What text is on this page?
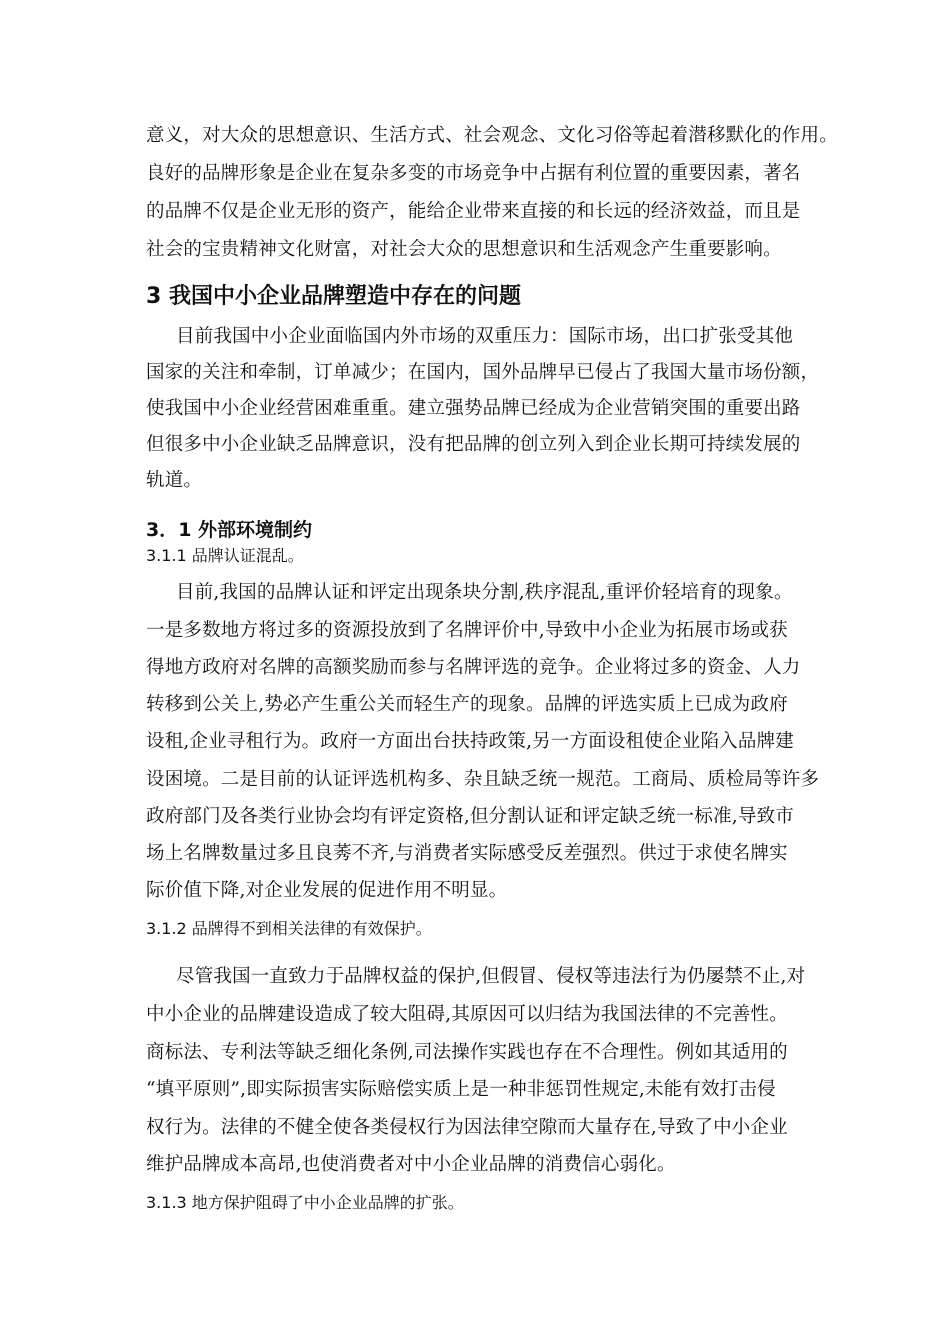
意义，对大众的思想意识、生活方式、社会观念、文化习俗等起着潜移默化的作用。
良好的品牌形象是企业在复杂多变的市场竞争中占据有利位置的重要因素，著名
的品牌不仅是企业无形的资产，能给企业带来直接的和长远的经济效益，而且是
社会的宝贵精神文化财富，对社会大众的思想意识和生活观念产生重要影响。
3 我国中小企业品牌塑造中存在的问题
目前我国中小企业面临国内外市场的双重压力：国际市场，出口扩张受其他
国家的关注和牵制，订单减少；在国内，国外品牌早已侵占了我国大量市场份额，
使我国中小企业经营困难重重。建立强势品牌已经成为企业营销突围的重要出路
但很多中小企业缺乏品牌意识，没有把品牌的创立列入到企业长期可持续发展的
轨道。
3．1 外部环境制约
3.1.1 品牌认证混乱。
目前,我国的品牌认证和评定出现条块分割,秩序混乱,重评价轻培育的现象。
一是多数地方将过多的资源投放到了名牌评价中,导致中小企业为拓展市场或获
得地方政府对名牌的高额奖励而参与名牌评选的竞争。企业将过多的资金、人力
转移到公关上,势必产生重公关而轻生产的现象。品牌的评选实质上已成为政府
设租,企业寻租行为。政府一方面出台扶持政策,另一方面设租使企业陷入品牌建
设困境。二是目前的认证评选机构多、杂且缺乏统一规范。工商局、质检局等许多
政府部门及各类行业协会均有评定资格,但分割认证和评定缺乏统一标准,导致市
场上名牌数量过多且良莠不齐,与消费者实际感受反差强烈。供过于求使名牌实
际价值下降,对企业发展的促进作用不明显。
3.1.2 品牌得不到相关法律的有效保护。
尽管我国一直致力于品牌权益的保护,但假冒、侵权等违法行为仍屡禁不止,对
中小企业的品牌建设造成了较大阻碍,其原因可以归结为我国法律的不完善性。
商标法、专利法等缺乏细化条例,司法操作实践也存在不合理性。例如其适用的
“填平原则”,即实际损害实际赔偿实质上是一种非惩罚性规定,未能有效打击侵
权行为。法律的不健全使各类侵权行为因法律空隙而大量存在,导致了中小企业
维护品牌成本高昂,也使消费者对中小企业品牌的消费信心弱化。
3.1.3 地方保护阻碍了中小企业品牌的扩张。
